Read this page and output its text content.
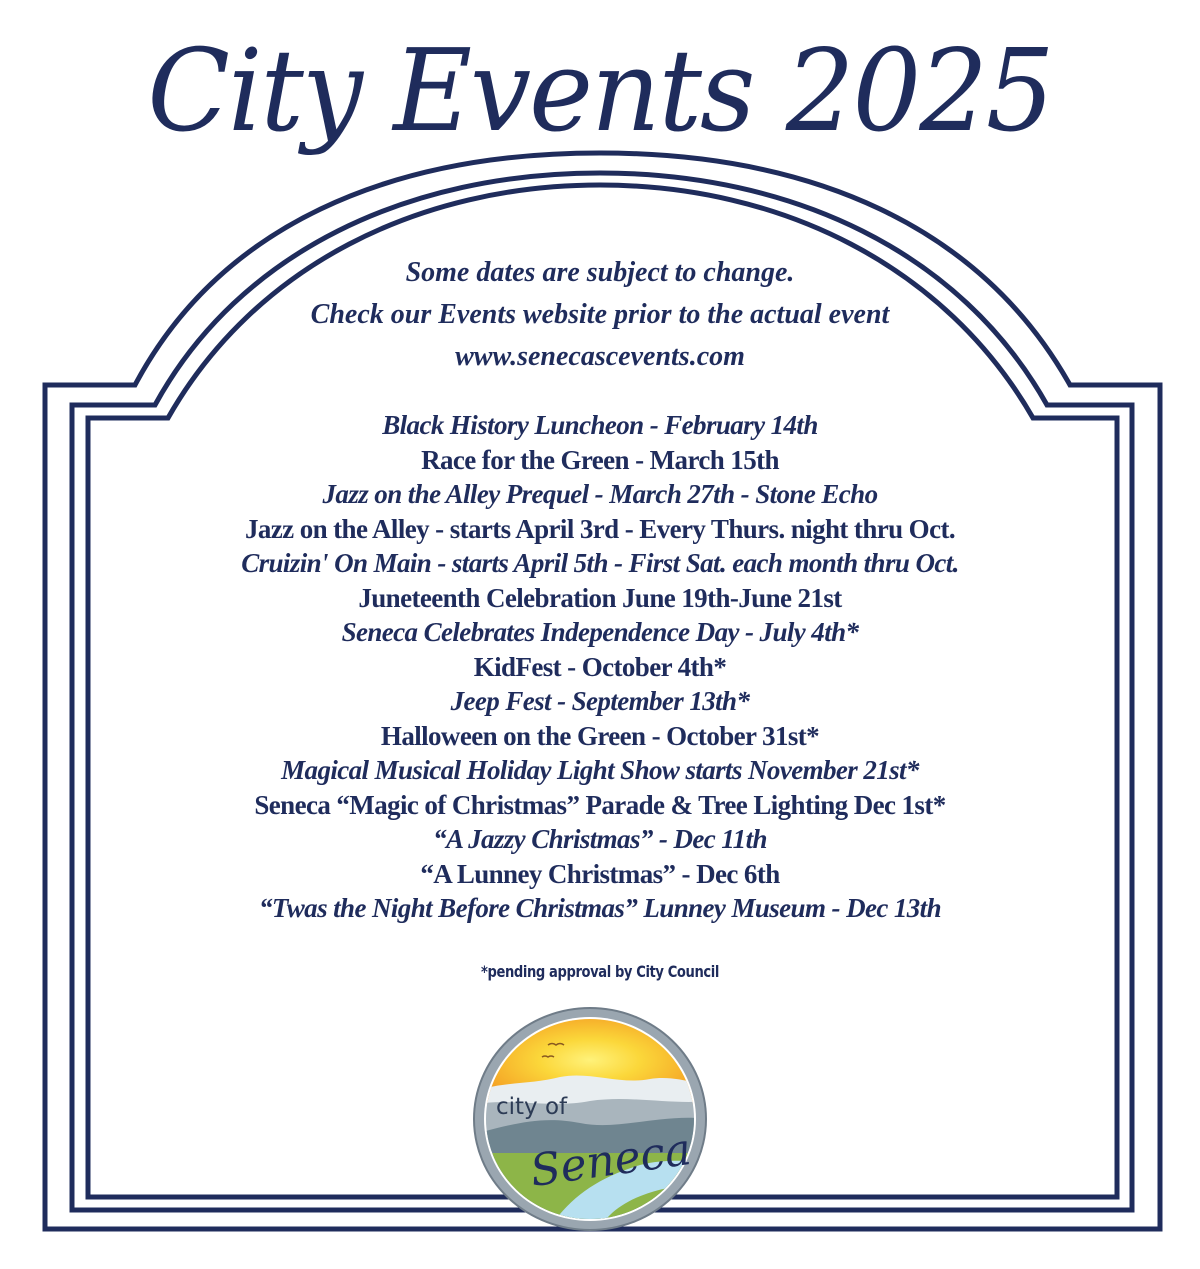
City Events 2025
Some dates are subject to change.
Check our Events website prior to the actual event
www.senecascevents.com
Black History Luncheon - February 14th
Race for the Green - March 15th
Jazz on the Alley Prequel - March 27th - Stone Echo
Jazz on the Alley - starts April 3rd - Every Thurs. night thru Oct.
Cruizin' On Main - starts April 5th - First Sat. each month thru Oct.
Juneteenth Celebration June 19th-June 21st
Seneca Celebrates Independence Day - July 4th*
KidFest - October 4th*
Jeep Fest - September 13th*
Halloween on the Green - October 31st*
Magical Musical Holiday Light Show starts November 21st*
Seneca “Magic of Christmas” Parade & Tree Lighting Dec 1st*
“A Jazzy Christmas” - Dec 11th
“A Lunney Christmas” - Dec 6th
“Twas the Night Before Christmas” Lunney Museum - Dec 13th
*pending approval by City Council
city of
Seneca
